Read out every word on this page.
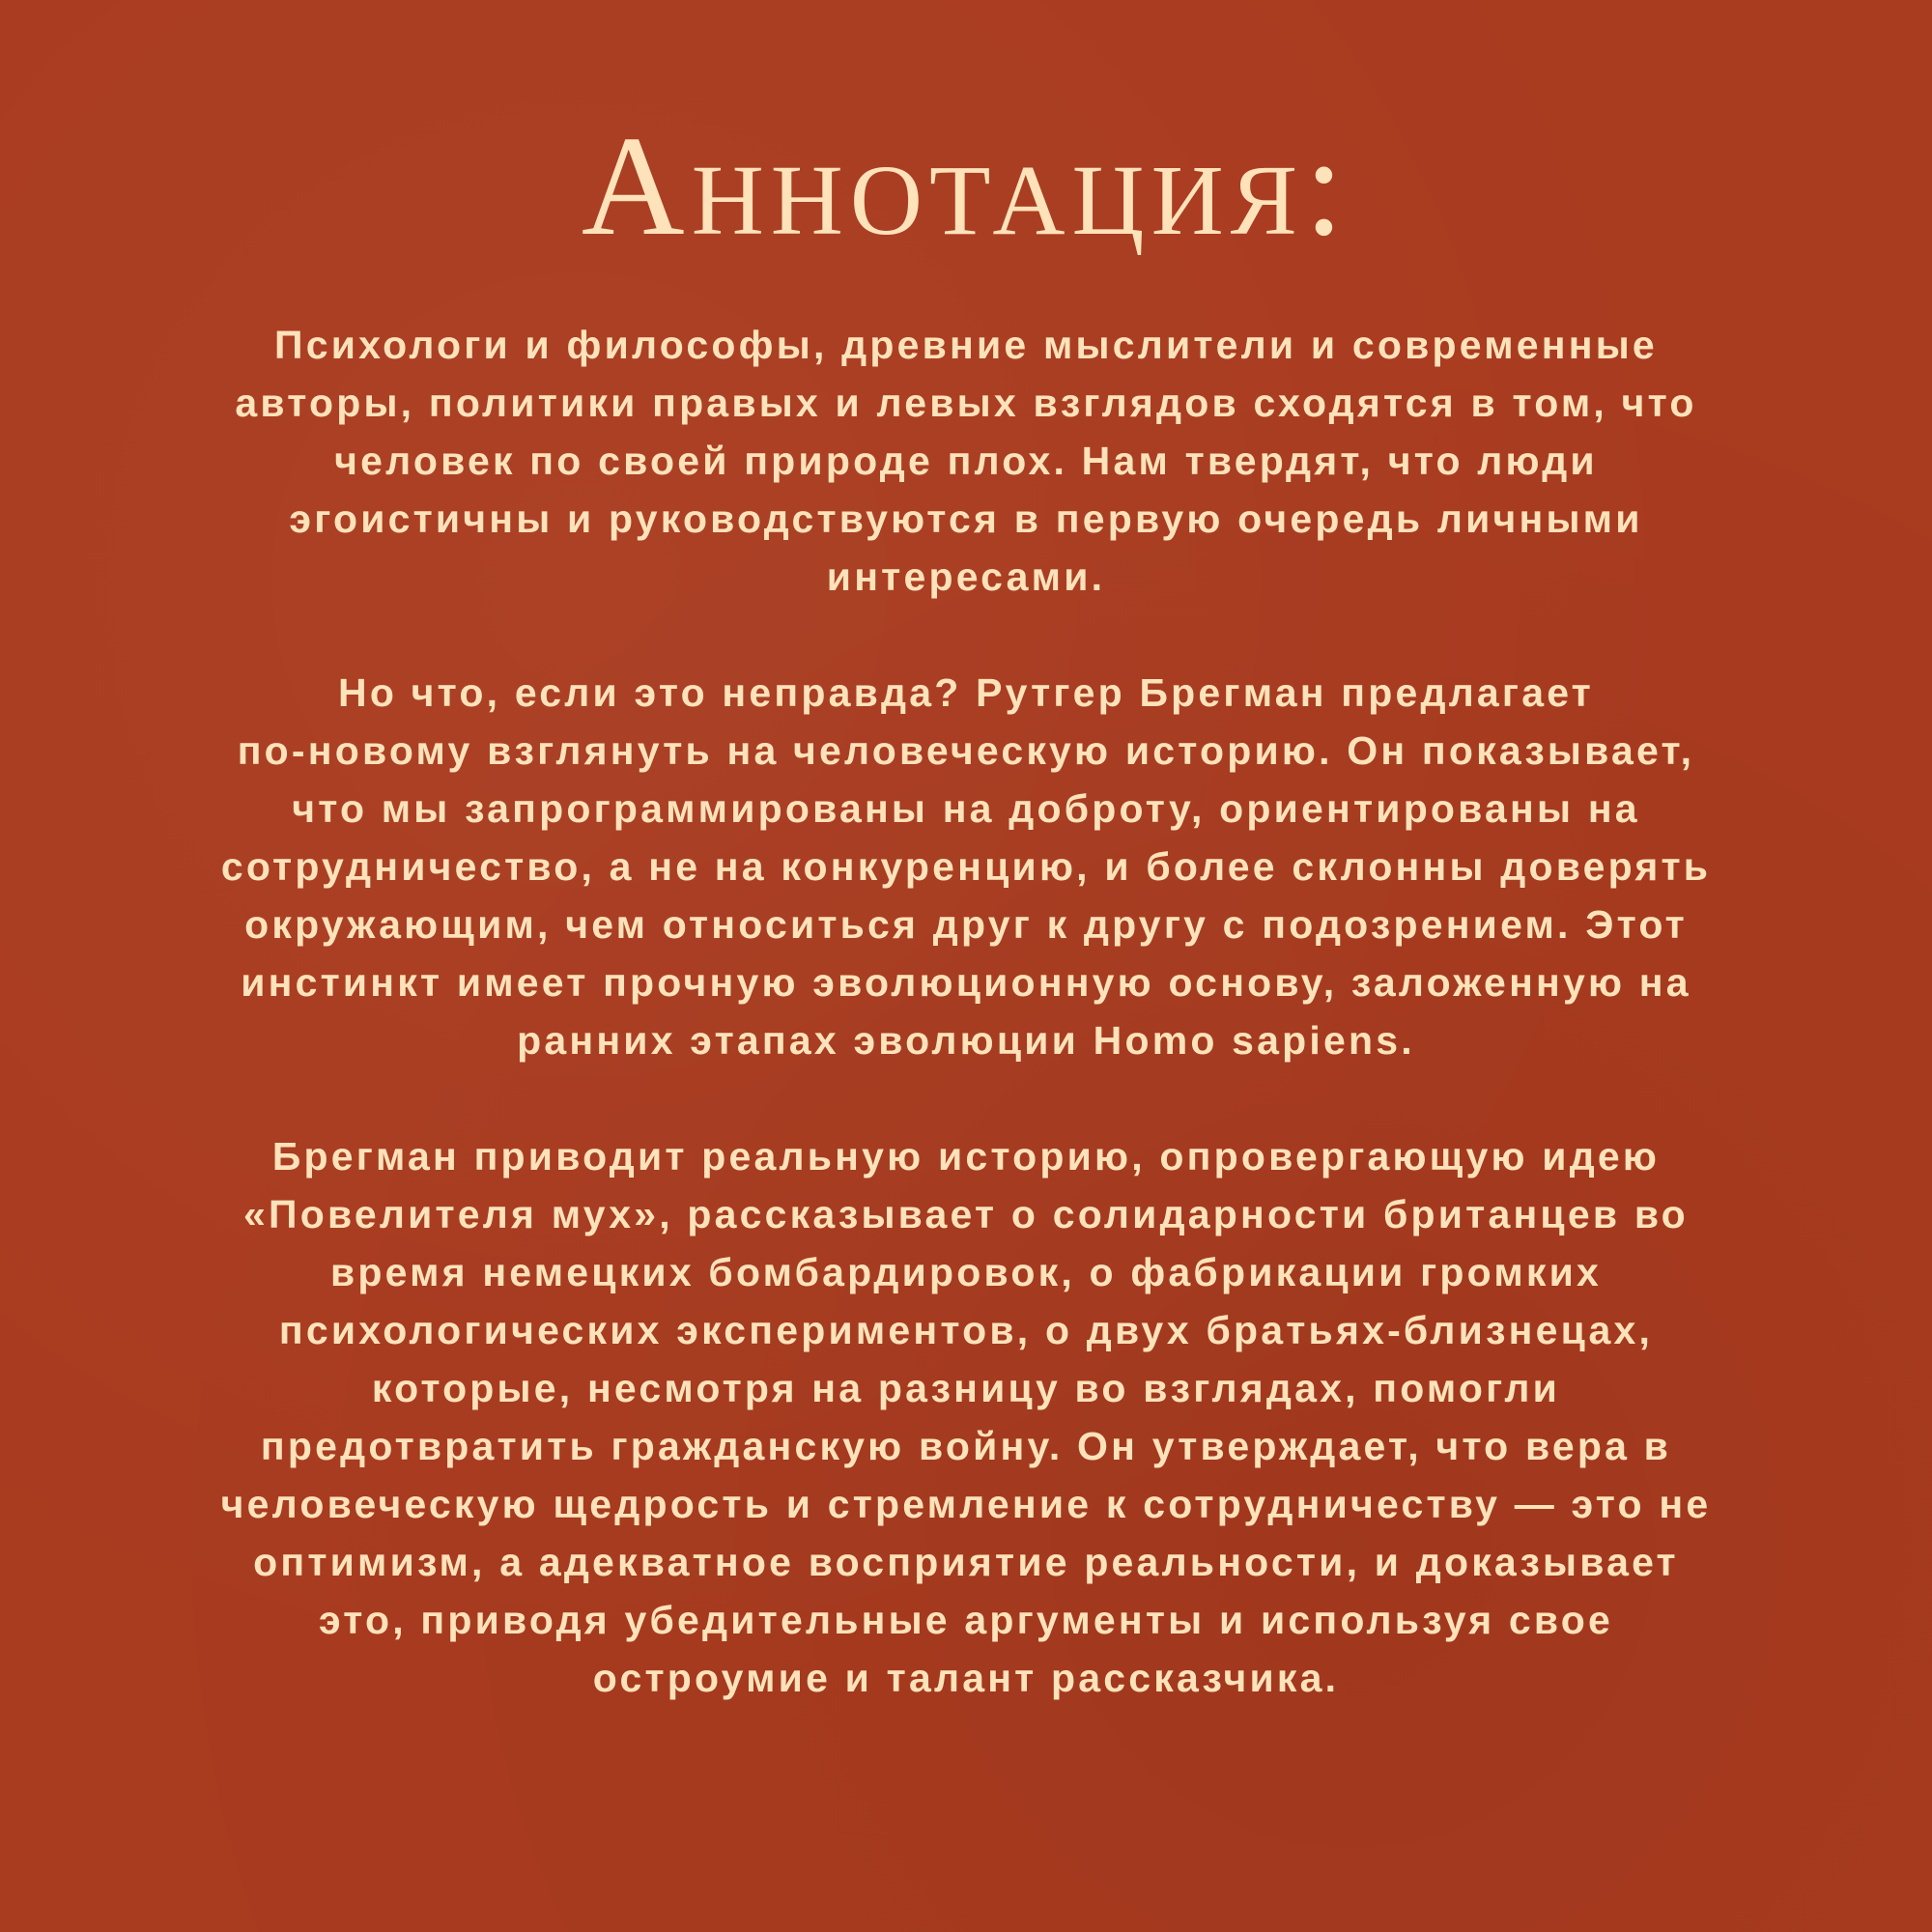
Аннотация:
Психологи и философы, древние мыслители и современные
авторы, политики правых и левых взглядов сходятся в том, что
человек по своей природе плох. Нам твердят, что люди
эгоистичны и руководствуются в первую очередь личными
интересами.
Но что, если это неправда? Рутгер Брегман предлагает
по-новому взглянуть на человеческую историю. Он показывает,
что мы запрограммированы на доброту, ориентированы на
сотрудничество, а не на конкуренцию, и более склонны доверять
окружающим, чем относиться друг к другу с подозрением. Этот
инстинкт имеет прочную эволюционную основу, заложенную на
ранних этапах эволюции Homo sapiens.
Брегман приводит реальную историю, опровергающую идею
«Повелителя мух», рассказывает о солидарности британцев во
время немецких бомбардировок, о фабрикации громких
психологических экспериментов, о двух братьях-близнецах,
которые, несмотря на разницу во взглядах, помогли
предотвратить гражданскую войну. Он утверждает, что вера в
человеческую щедрость и стремление к сотрудничеству — это не
оптимизм, а адекватное восприятие реальности, и доказывает
это, приводя убедительные аргументы и используя свое
остроумие и талант рассказчика.
